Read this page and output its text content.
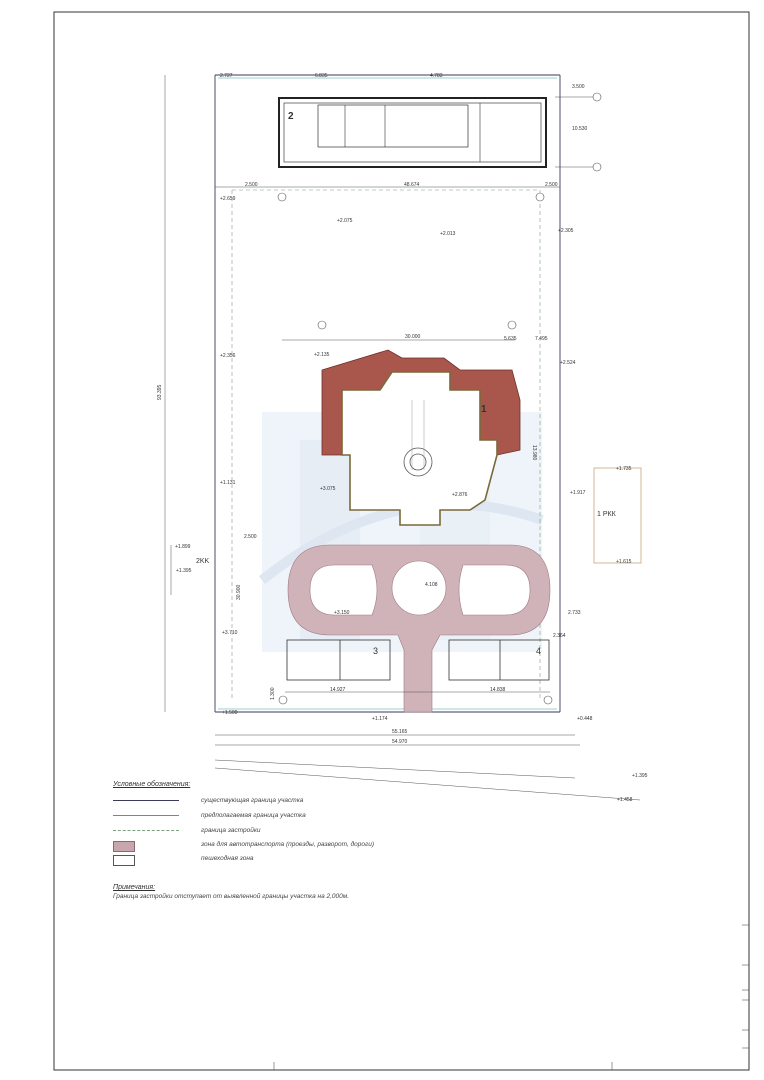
2
1
3	4
2.727	6.835	4.783
3.500
10.530
2.500	48.674	2.500
93.395
30.000	7.495
5.635
13.980
14.927	14.838
55.165
54.970
30.900
1.300
2.500
4.108
2.733
2.364
+2.659
+2.075
+2.013	+2.305
+2.356	+2.135
+2.524
+3.075
+1.131
+2.876	+1.917
+1.899
+3.150
+3.710
+1.500
+0.448
+1.395
+1.458
+1.174
2KK
+1.395
1 РКК
+1.735
+1.615
Условные обозначения:
существующая граница участка
предполагаемая граница участка
граница застройки
зона для автотранспорта (проезды, разворот, дороги)
пешеходная зона
Примечания:
Граница застройки отступает от выявленной границы участка на 2,000м.
